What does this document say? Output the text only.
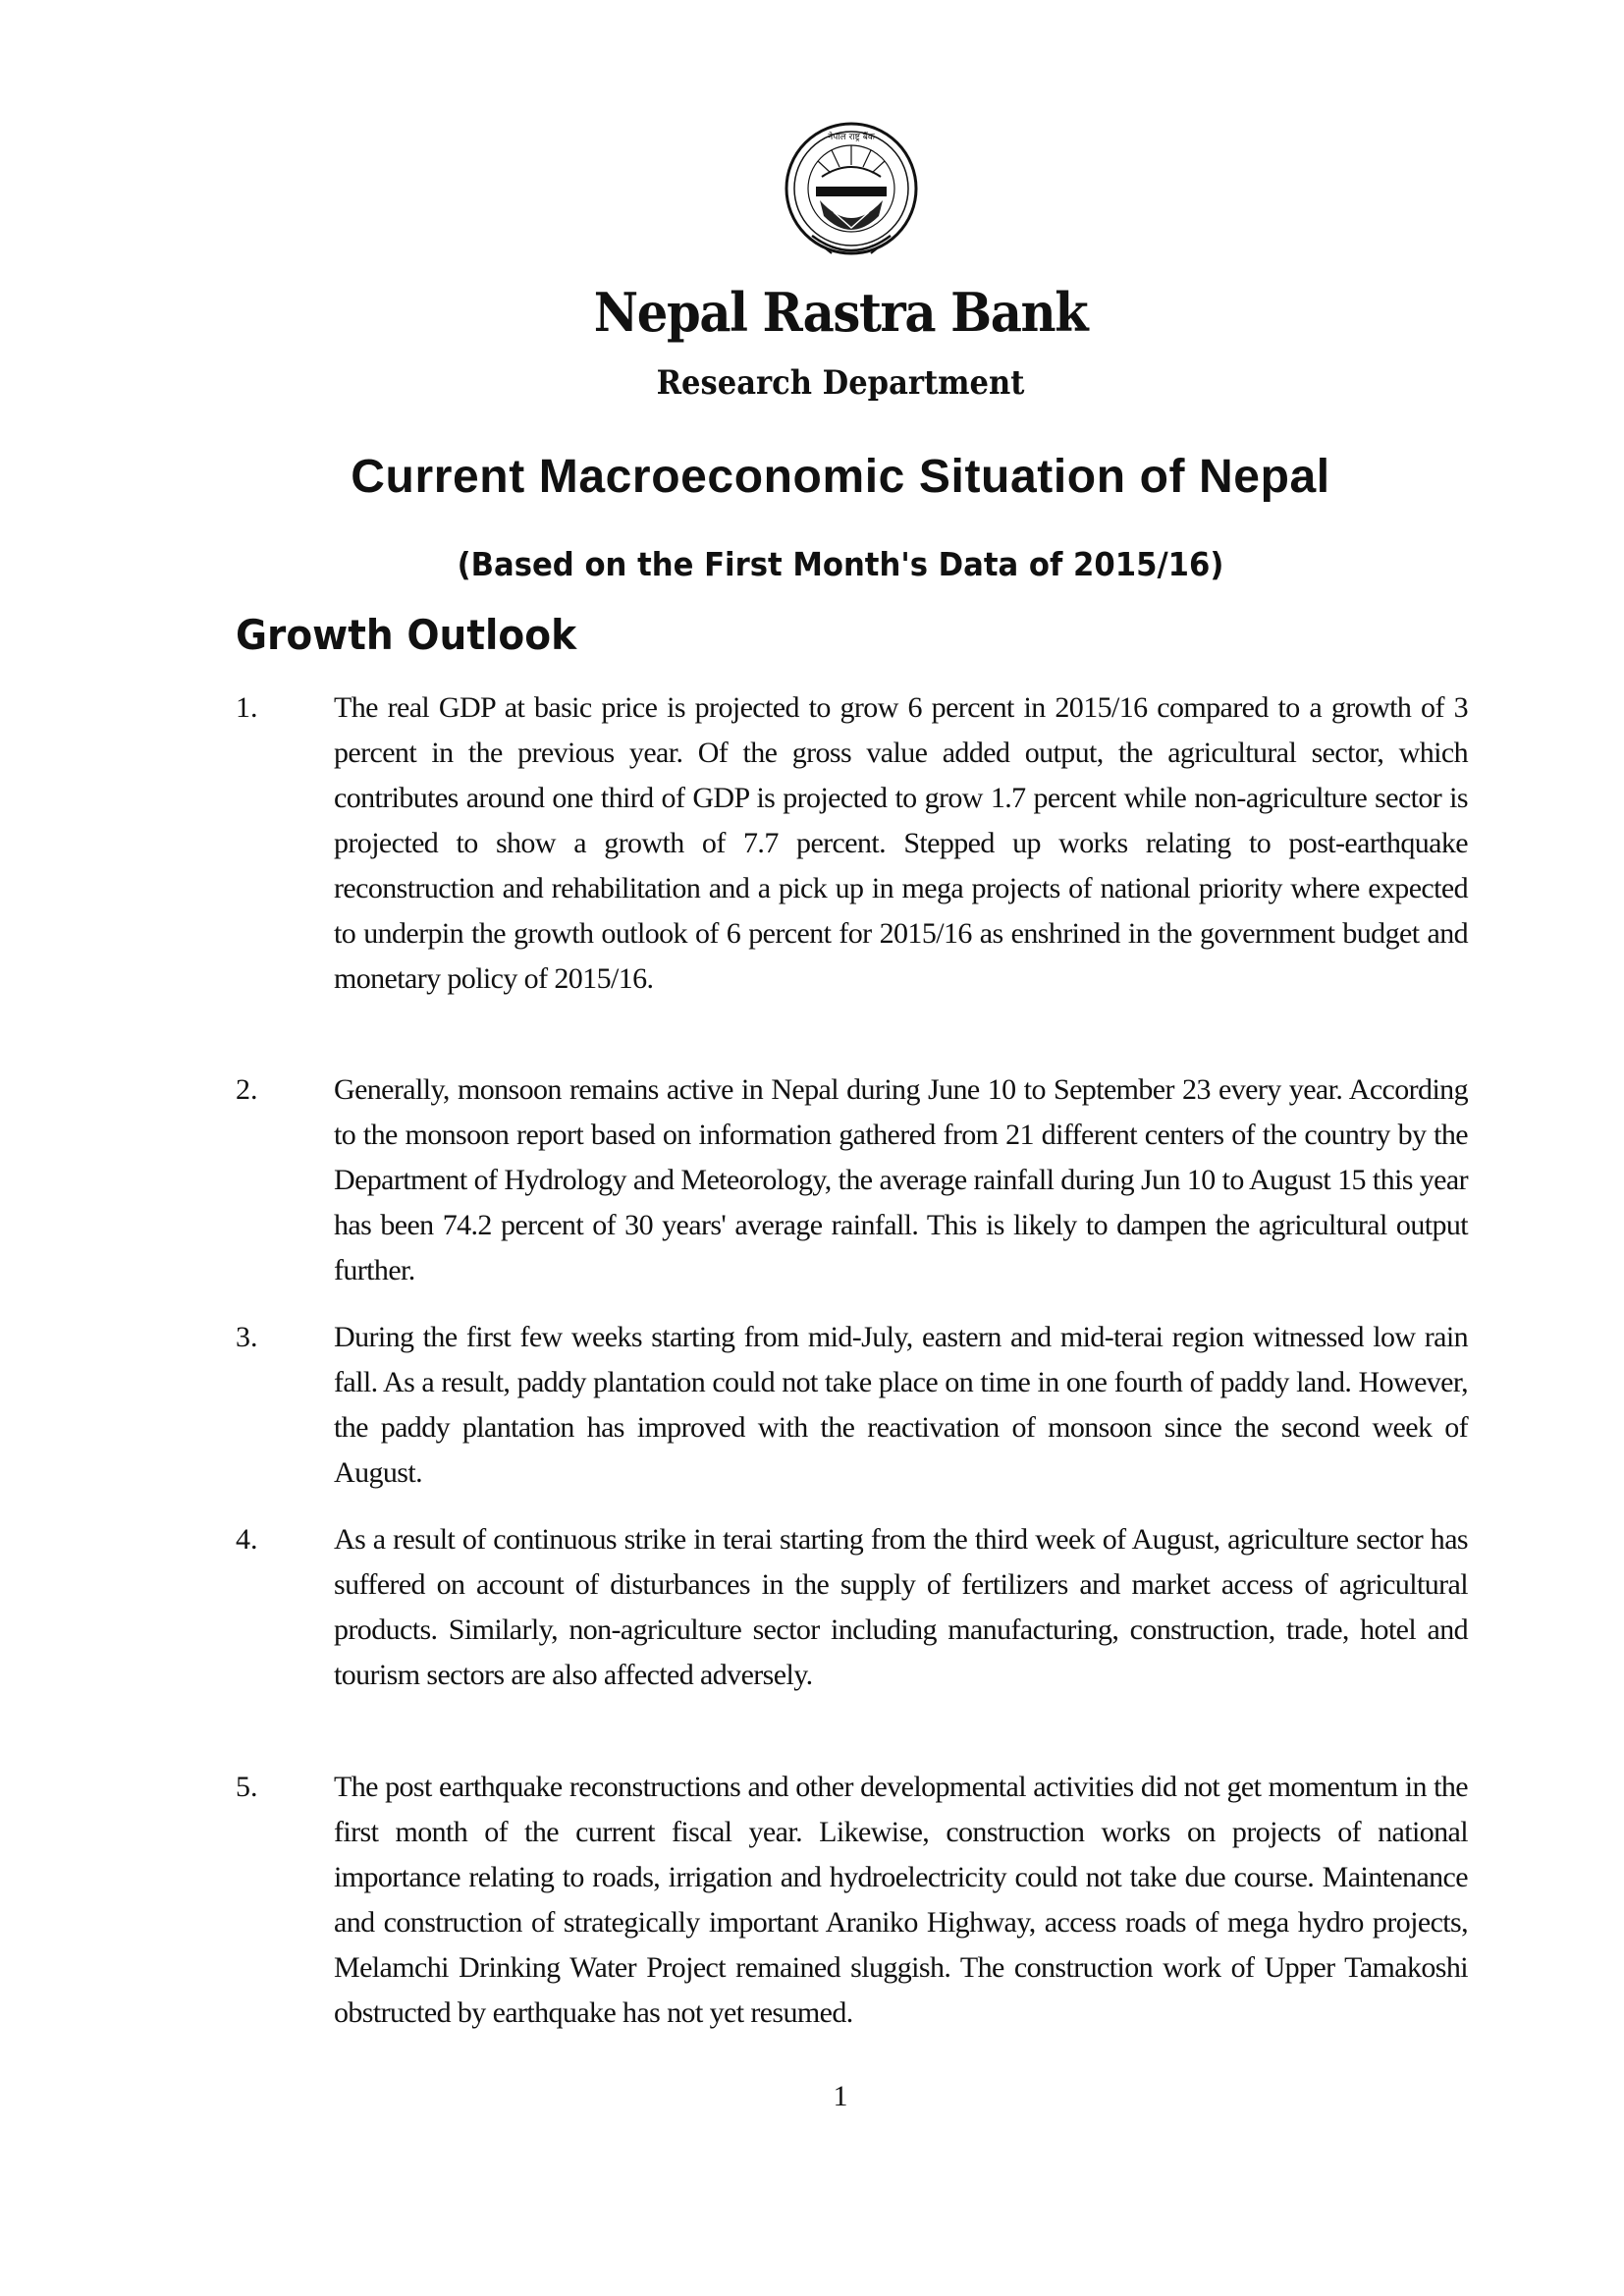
नेपाल राष्ट्र बैंक
Nepal Rastra Bank
Research Department
Current Macroeconomic Situation of Nepal
(Based on the First Month's Data of 2015/16)
Growth Outlook
1.	The real GDP at basic price is projected to grow 6 percent in 2015/16 compared to a growth of 3 percent in the previous year. Of the gross value added output, the agricultural sector, which contributes around one third of GDP is projected to grow 1.7 percent while non-agriculture sector is projected to show a growth of 7.7 percent. Stepped up works relating to post-earthquake reconstruction and rehabilitation and a pick up in mega projects of national priority where expected to underpin the growth outlook of 6 percent for 2015/16 as enshrined in the government budget and monetary policy of 2015/16.
2.	Generally, monsoon remains active in Nepal during June 10 to September 23 every year. According to the monsoon report based on information gathered from 21 different centers of the country by the Department of Hydrology and Meteorology, the average rainfall during Jun 10 to August 15 this year has been 74.2 percent of 30 years' average rainfall. This is likely to dampen the agricultural output further.
3.	During the first few weeks starting from mid-July, eastern and mid-terai region witnessed low rain fall. As a result, paddy plantation could not take place on time in one fourth of paddy land. However, the paddy plantation has improved with the reactivation of monsoon since the second week of August.
4.	As a result of continuous strike in terai starting from the third week of August, agriculture sector has suffered on account of disturbances in the supply of fertilizers and market access of agricultural products. Similarly, non-agriculture sector including manufacturing, construction, trade, hotel and tourism sectors are also affected adversely.
5.	The post earthquake reconstructions and other developmental activities did not get momentum in the first month of the current fiscal year. Likewise, construction works on projects of national importance relating to roads, irrigation and hydroelectricity could not take due course. Maintenance and construction of strategically important Araniko Highway, access roads of mega hydro projects, Melamchi Drinking Water Project remained sluggish. The construction work of Upper Tamakoshi obstructed by earthquake has not yet resumed.
1
